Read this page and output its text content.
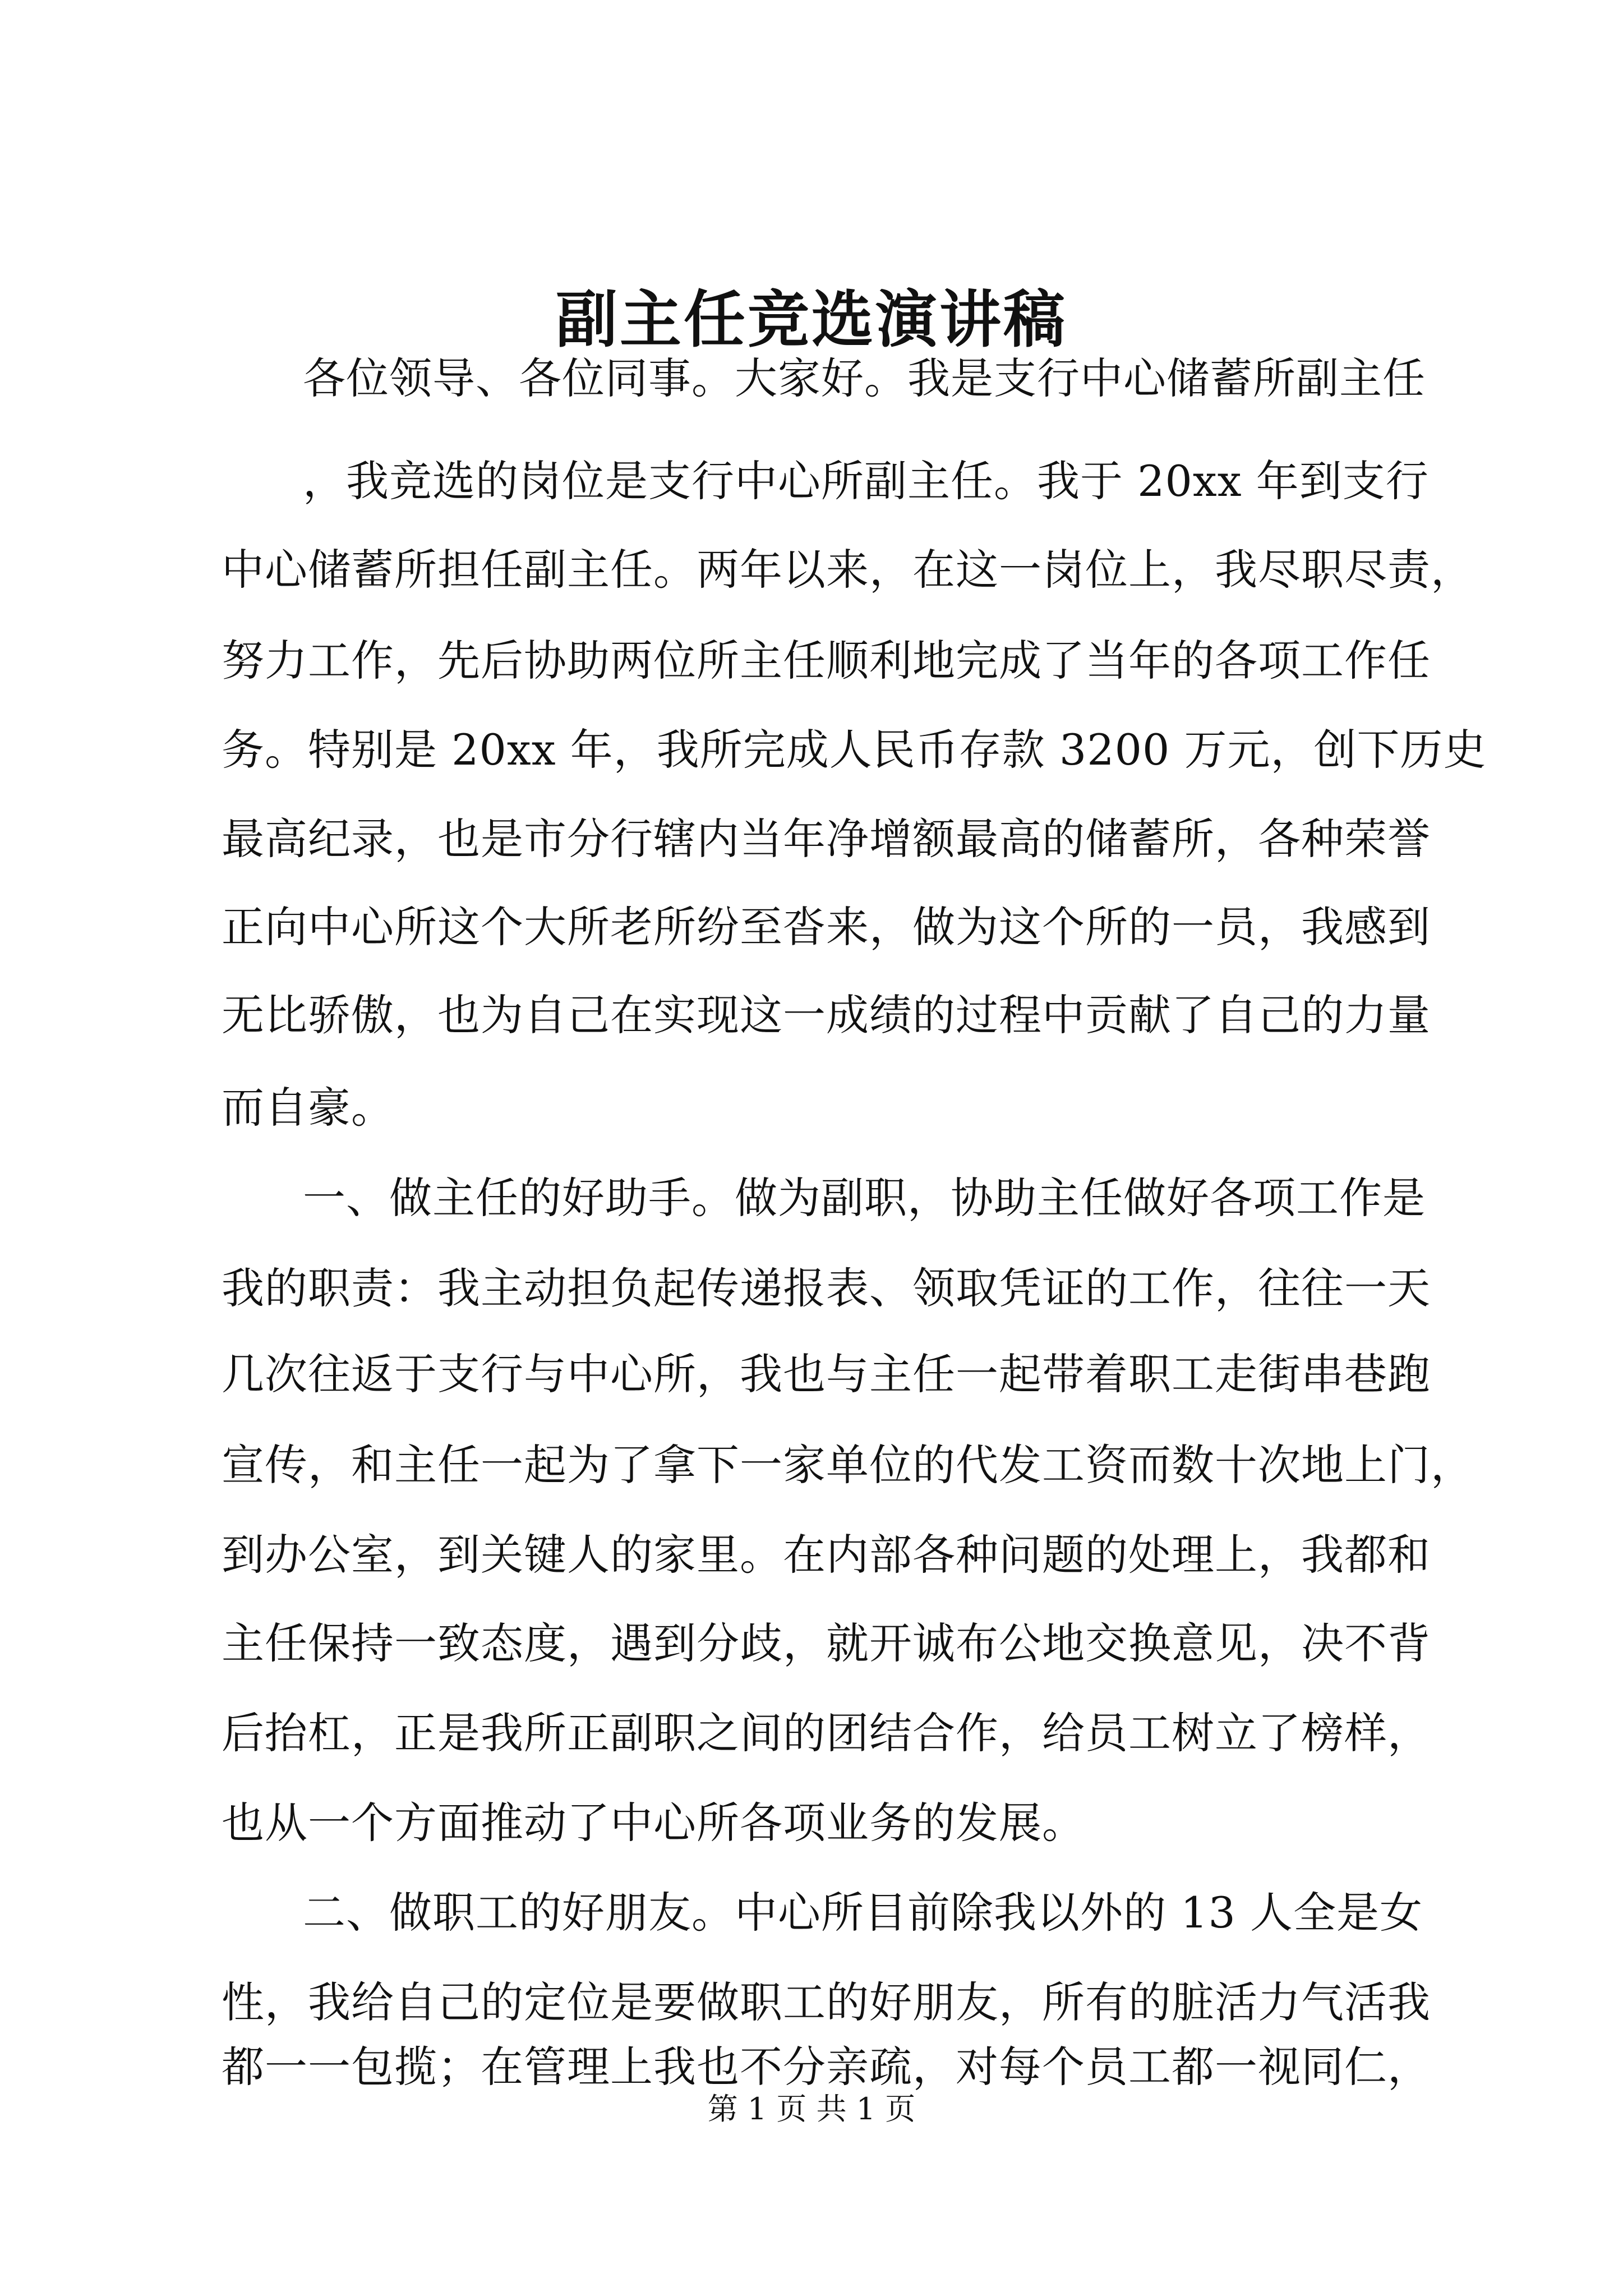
副主任竞选演讲稿
各位领导、各位同事。大家好。我是支行中心储蓄所副主任
，我竞选的岗位是支行中心所副主任。我于 20xx 年到支行
中心储蓄所担任副主任。两年以来，在这一岗位上，我尽职尽责，
努力工作，先后协助两位所主任顺利地完成了当年的各项工作任
务。特别是 20xx 年，我所完成人民币存款 3200 万元，创下历史
最高纪录，也是市分行辖内当年净增额最高的储蓄所，各种荣誉
正向中心所这个大所老所纷至沓来，做为这个所的一员，我感到
无比骄傲，也为自己在实现这一成绩的过程中贡献了自己的力量
而自豪。
一、做主任的好助手。做为副职，协助主任做好各项工作是
我的职责：我主动担负起传递报表、领取凭证的工作，往往一天
几次往返于支行与中心所，我也与主任一起带着职工走街串巷跑
宣传，和主任一起为了拿下一家单位的代发工资而数十次地上门，
到办公室，到关键人的家里。在内部各种问题的处理上，我都和
主任保持一致态度，遇到分歧，就开诚布公地交换意见，决不背
后抬杠，正是我所正副职之间的团结合作，给员工树立了榜样，
也从一个方面推动了中心所各项业务的发展。
二、做职工的好朋友。中心所目前除我以外的 13 人全是女
性，我给自己的定位是要做职工的好朋友，所有的脏活力气活我
都一一包揽；在管理上我也不分亲疏，对每个员工都一视同仁，
第 1 页 共 1 页
